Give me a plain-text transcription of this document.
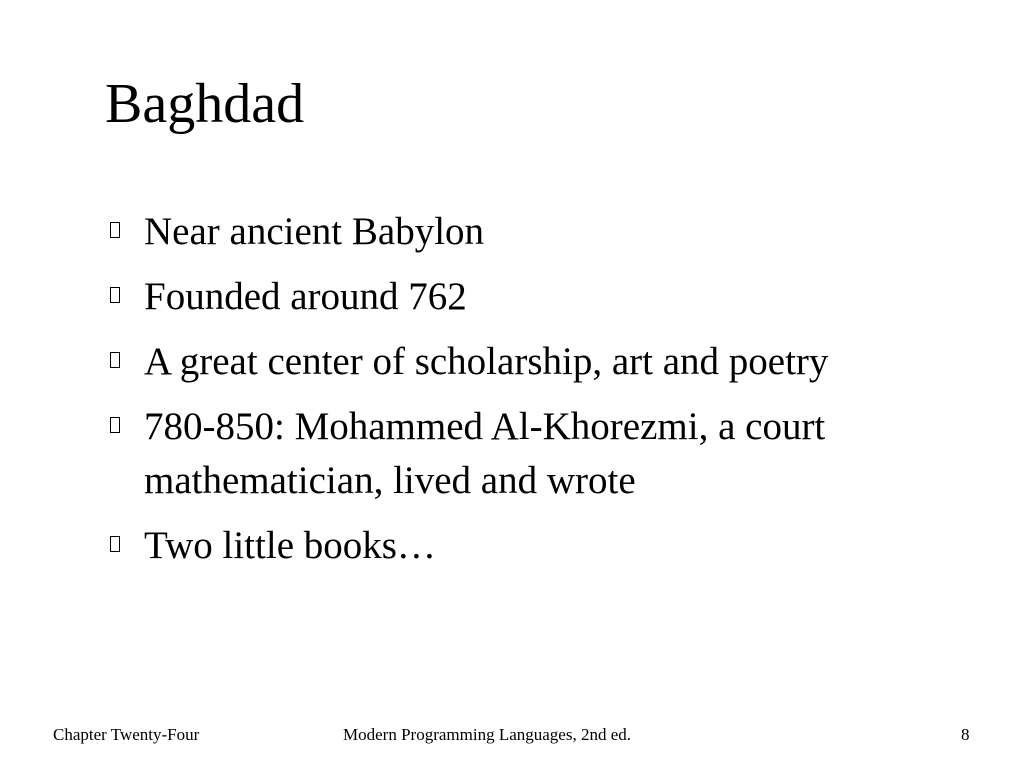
Baghdad
Near ancient Babylon
Founded around 762
A great center of scholarship, art and poetry
780-850: Mohammed Al-Khorezmi, a court mathematician, lived and wrote
Two little books…
Chapter Twenty-Four	Modern Programming Languages, 2nd ed.	8
